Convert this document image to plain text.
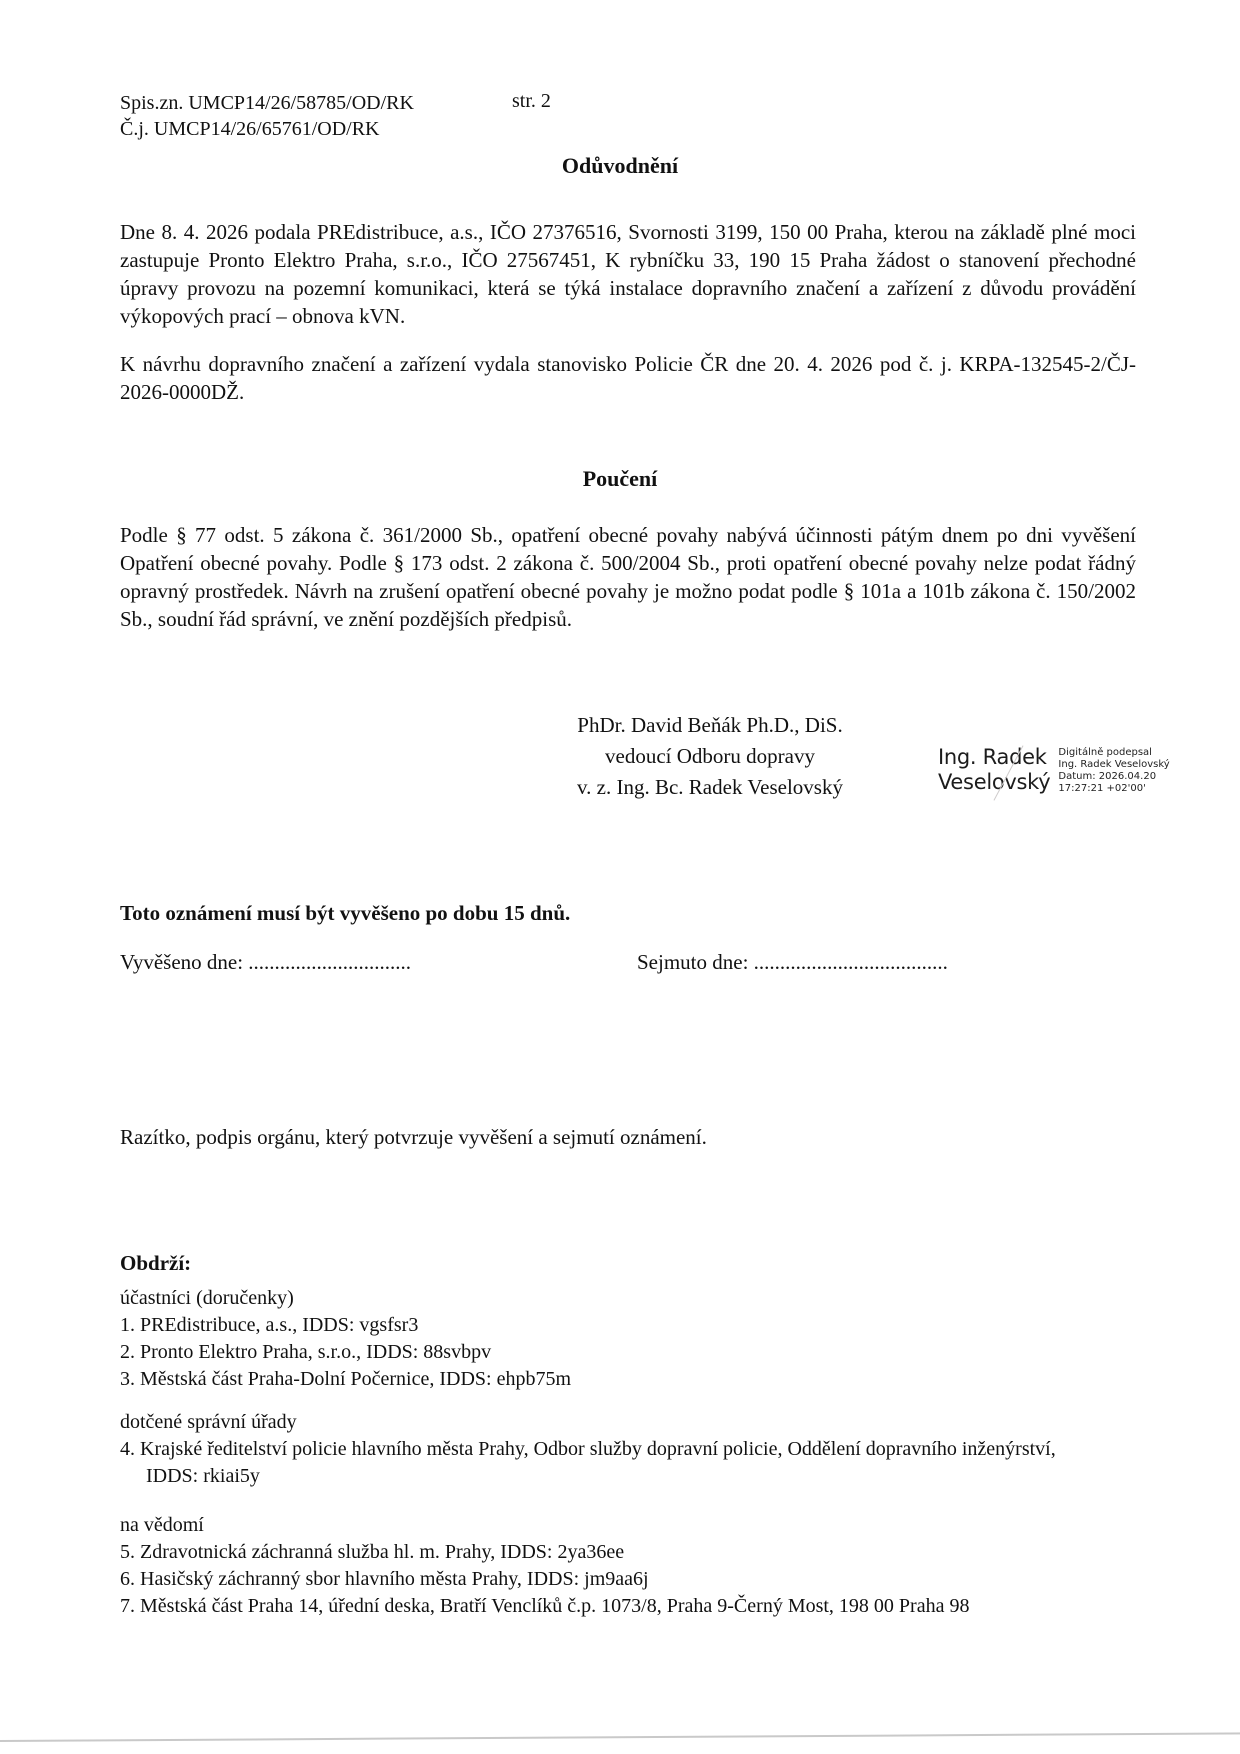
Spis.zn. UMCP14/26/58785/OD/RK
Č.j. UMCP14/26/65761/OD/RK
str. 2
Odůvodnění
Dne 8. 4. 2026 podala PREdistribuce, a.s., IČO 27376516, Svornosti 3199, 150 00 Praha, kterou na základě plné moci zastupuje Pronto Elektro Praha, s.r.o., IČO 27567451, K rybníčku 33, 190 15 Praha žádost o stanovení přechodné úpravy provozu na pozemní komunikaci, která se týká instalace dopravního značení a zařízení z důvodu provádění výkopových prací – obnova kVN.
K návrhu dopravního značení a zařízení vydala stanovisko Policie ČR dne 20. 4. 2026 pod č. j. KRPA-132545-2/ČJ-2026-0000DŽ.
Poučení
Podle § 77 odst. 5 zákona č. 361/2000 Sb., opatření obecné povahy nabývá účinnosti pátým dnem po dni vyvěšení Opatření obecné povahy. Podle § 173 odst. 2 zákona č. 500/2004 Sb., proti opatření obecné povahy nelze podat řádný opravný prostředek. Návrh na zrušení opatření obecné povahy je možno podat podle § 101a a 101b zákona č. 150/2002 Sb., soudní řád správní, ve znění pozdějších předpisů.
PhDr. David Beňák Ph.D., DiS.
vedoucí Odboru dopravy
v. z. Ing. Bc. Radek Veselovský
Ing. Radek
Veselovský
Digitálně podepsal
Ing. Radek Veselovský
Datum: 2026.04.20
17:27:21 +02'00'
Toto oznámení musí být vyvěšeno po dobu 15 dnů.
Vyvěšeno dne: ...............................	Sejmuto dne: .....................................
Razítko, podpis orgánu, který potvrzuje vyvěšení a sejmutí oznámení.
Obdrží:
účastníci (doručenky)
1. PREdistribuce, a.s., IDDS: vgsfsr3
2. Pronto Elektro Praha, s.r.o., IDDS: 88svbpv
3. Městská část Praha-Dolní Počernice, IDDS: ehpb75m
dotčené správní úřady
4. Krajské ředitelství policie hlavního města Prahy, Odbor služby dopravní policie, Oddělení dopravního inženýrství, IDDS: rkiai5y
na vědomí
5. Zdravotnická záchranná služba hl. m. Prahy, IDDS: 2ya36ee
6. Hasičský záchranný sbor hlavního města Prahy, IDDS: jm9aa6j
7. Městská část Praha 14, úřední deska, Bratří Venclíků č.p. 1073/8, Praha 9-Černý Most, 198 00 Praha 98
